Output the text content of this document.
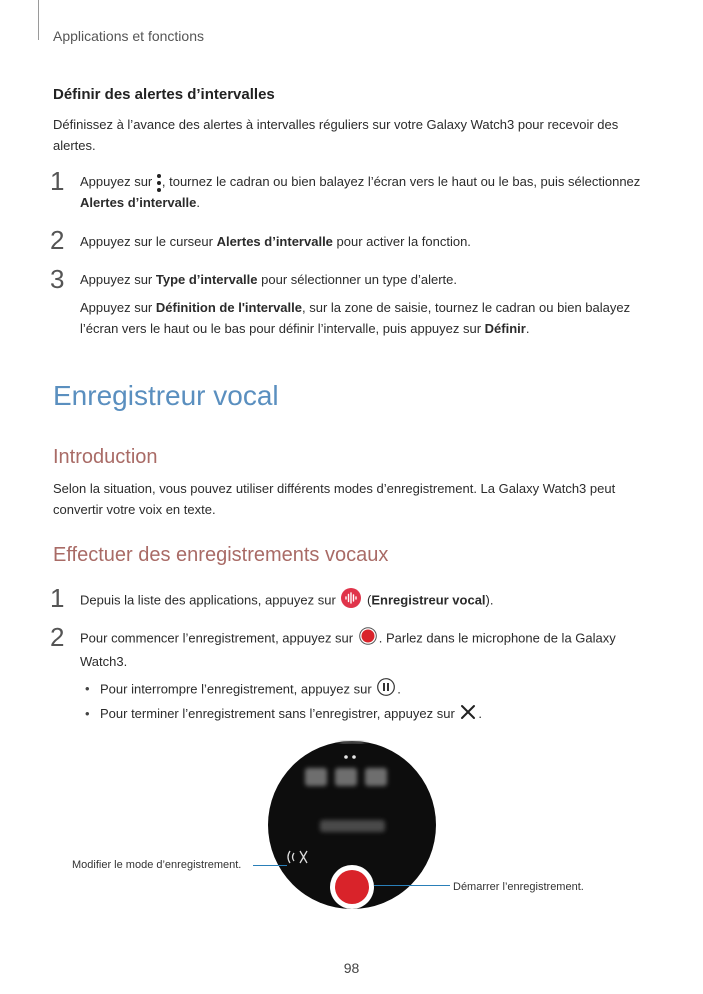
Applications et fonctions
Définir des alertes d’intervalles
Définissez à l’avance des alertes à intervalles réguliers sur votre Galaxy Watch3 pour recevoir des alertes.
1 Appuyez sur
, tournez le cadran ou bien balayez l’écran vers le haut ou le bas, puis sélectionnez Alertes d’intervalle.
2 Appuyez sur le curseur Alertes d’intervalle pour activer la fonction.
3 Appuyez sur Type d’intervalle pour sélectionner un type d’alerte.
Appuyez sur Définition de l'intervalle, sur la zone de saisie, tournez le cadran ou bien balayez l’écran vers le haut ou le bas pour définir l’intervalle, puis appuyez sur Définir.
Enregistreur vocal
Introduction
Selon la situation, vous pouvez utiliser différents modes d’enregistrement. La Galaxy Watch3 peut convertir votre voix en texte.
Effectuer des enregistrements vocaux
1 Depuis la liste des applications, appuyez sur  (Enregistreur vocal).
2 Pour commencer l’enregistrement, appuyez sur . Parlez dans le microphone de la Galaxy Watch3.
• Pour interrompre l’enregistrement, appuyez sur .
• Pour terminer l’enregistrement sans l’enregistrer, appuyez sur .
Modifier le mode d’enregistrement.
Démarrer l’enregistrement.
98
